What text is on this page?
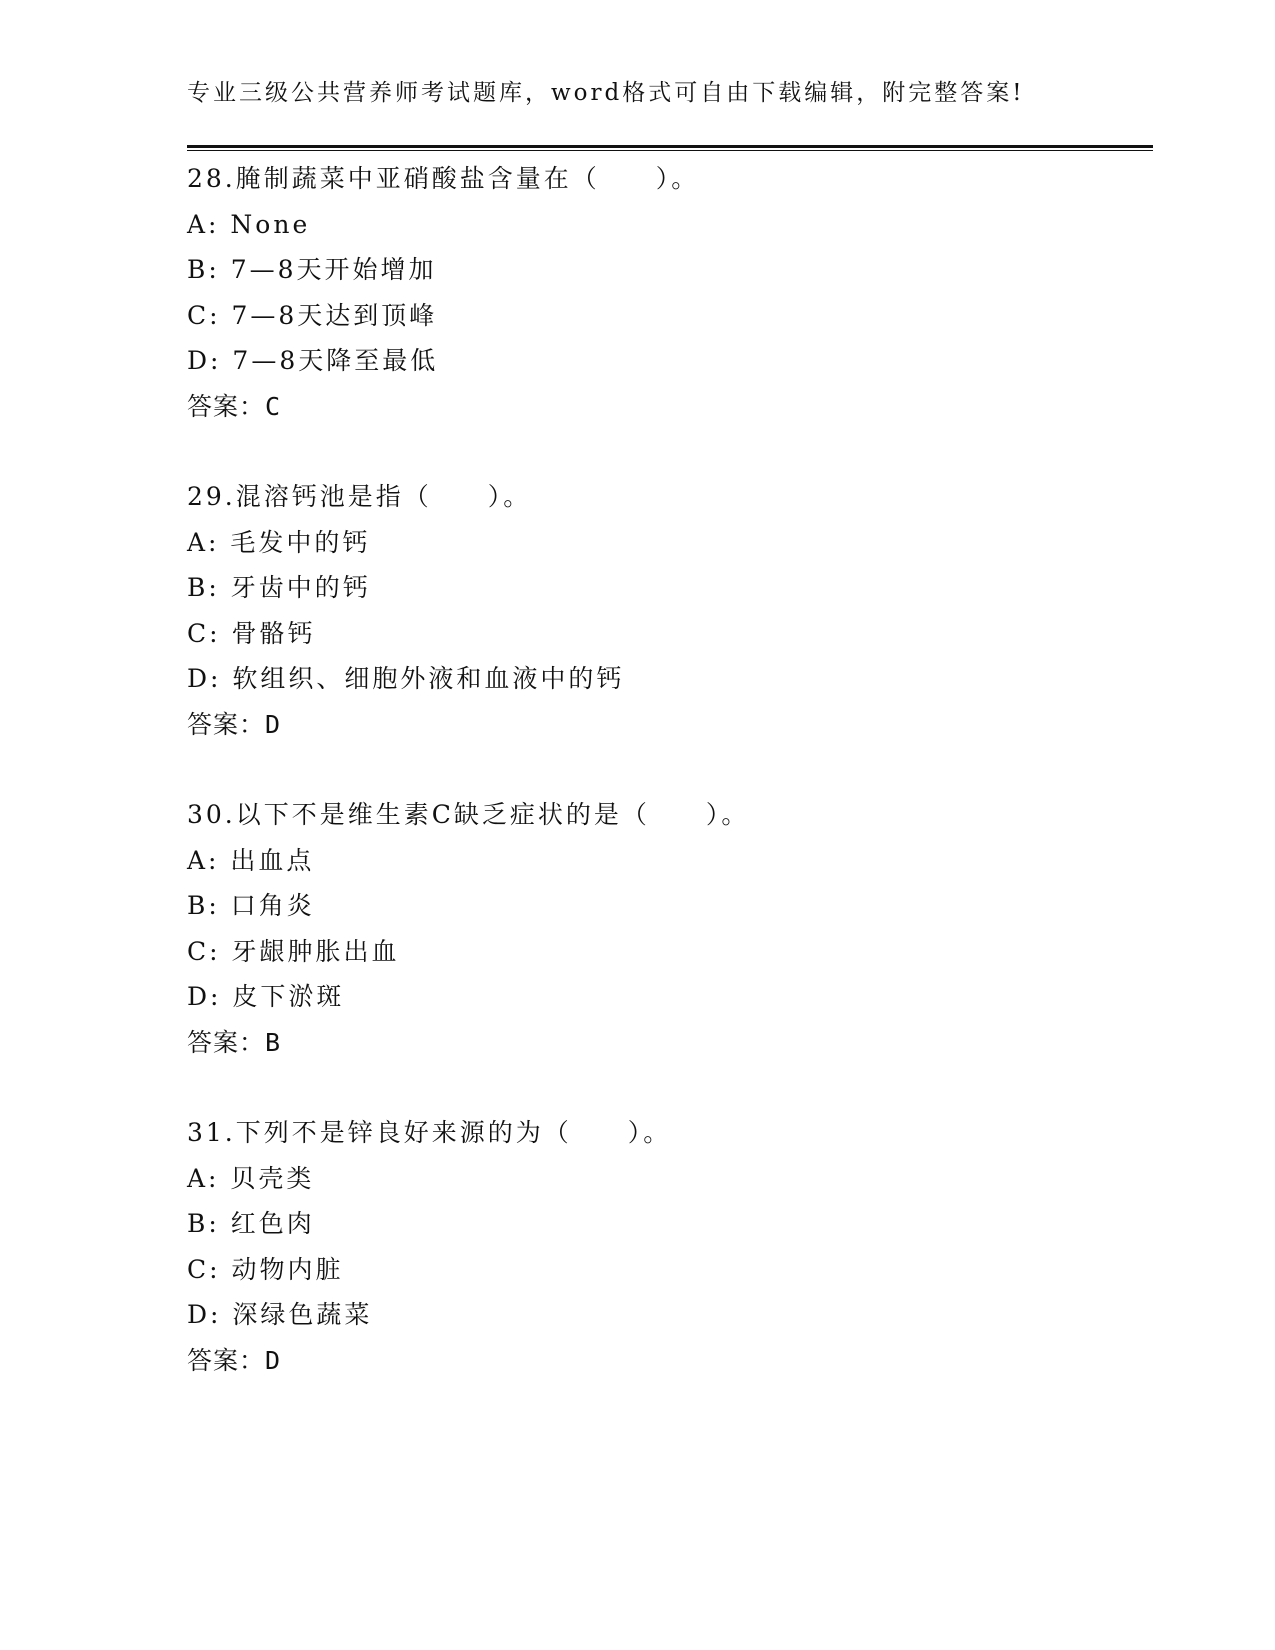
专业三级公共营养师考试题库，word格式可自由下载编辑，附完整答案!
28.腌制蔬菜中亚硝酸盐含量在（　　）。
A: None
B: 7—8天开始增加
C: 7—8天达到顶峰
D: 7—8天降至最低
答案：C
29.混溶钙池是指（　　）。
A: 毛发中的钙
B: 牙齿中的钙
C: 骨骼钙
D: 软组织、细胞外液和血液中的钙
答案：D
30.以下不是维生素C缺乏症状的是（　　）。
A: 出血点
B: 口角炎
C: 牙龈肿胀出血
D: 皮下淤斑
答案：B
31.下列不是锌良好来源的为（　　）。
A: 贝壳类
B: 红色肉
C: 动物内脏
D: 深绿色蔬菜
答案：D
